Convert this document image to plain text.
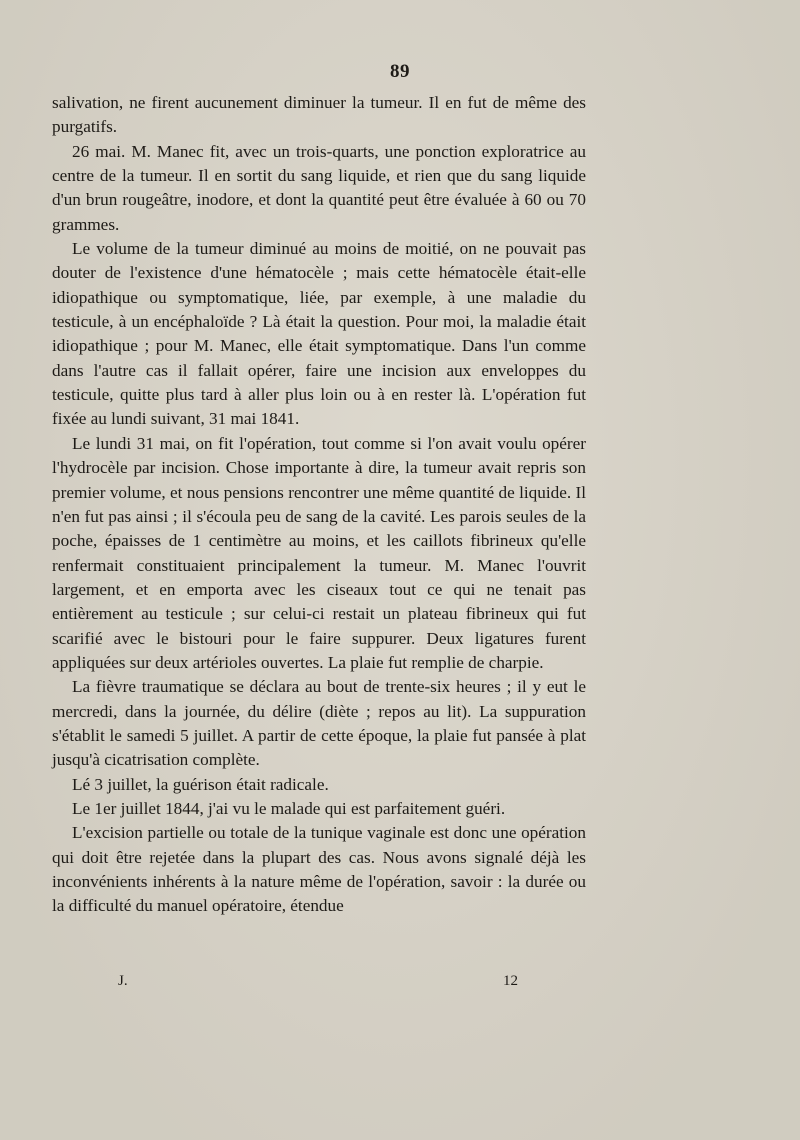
89

salivation, ne firent aucunement diminuer la tumeur. Il en fut de même des purgatifs.

26 mai. M. Manec fit, avec un trois-quarts, une ponction exploratrice au centre de la tumeur. Il en sortit du sang liquide, et rien que du sang liquide d'un brun rougeâtre, inodore, et dont la quantité peut être évaluée à 60 ou 70 grammes.

Le volume de la tumeur diminué au moins de moitié, on ne pouvait pas douter de l'existence d'une hématocèle ; mais cette hématocèle était-elle idiopathique ou symptomatique, liée, par exemple, à une maladie du testicule, à un encéphaloïde ? Là était la question. Pour moi, la maladie était idiopathique ; pour M. Manec, elle était symptomatique. Dans l'un comme dans l'autre cas il fallait opérer, faire une incision aux enveloppes du testicule, quitte plus tard à aller plus loin ou à en rester là. L'opération fut fixée au lundi suivant, 31 mai 1841.

Le lundi 31 mai, on fit l'opération, tout comme si l'on avait voulu opérer l'hydrocèle par incision. Chose importante à dire, la tumeur avait repris son premier volume, et nous pensions rencontrer une même quantité de liquide. Il n'en fut pas ainsi ; il s'écoula peu de sang de la cavité. Les parois seules de la poche, épaisses de 1 centimètre au moins, et les caillots fibrineux qu'elle renfermait constituaient principalement la tumeur. M. Manec l'ouvrit largement, et en emporta avec les ciseaux tout ce qui ne tenait pas entièrement au testicule ; sur celui-ci restait un plateau fibrineux qui fut scarifié avec le bistouri pour le faire suppurer. Deux ligatures furent appliquées sur deux artérioles ouvertes. La plaie fut remplie de charpie.

La fièvre traumatique se déclara au bout de trente-six heures ; il y eut le mercredi, dans la journée, du délire (diète ; repos au lit). La suppuration s'établit le samedi 5 juillet. A partir de cette époque, la plaie fut pansée à plat jusqu'à cicatrisation complète.

Lé 3 juillet, la guérison était radicale.

Le 1er juillet 1844, j'ai vu le malade qui est parfaitement guéri.

L'excision partielle ou totale de la tunique vaginale est donc une opération qui doit être rejetée dans la plupart des cas. Nous avons signalé déjà les inconvénients inhérents à la nature même de l'opération, savoir : la durée ou la difficulté du manuel opératoire, étendue

J.	12
